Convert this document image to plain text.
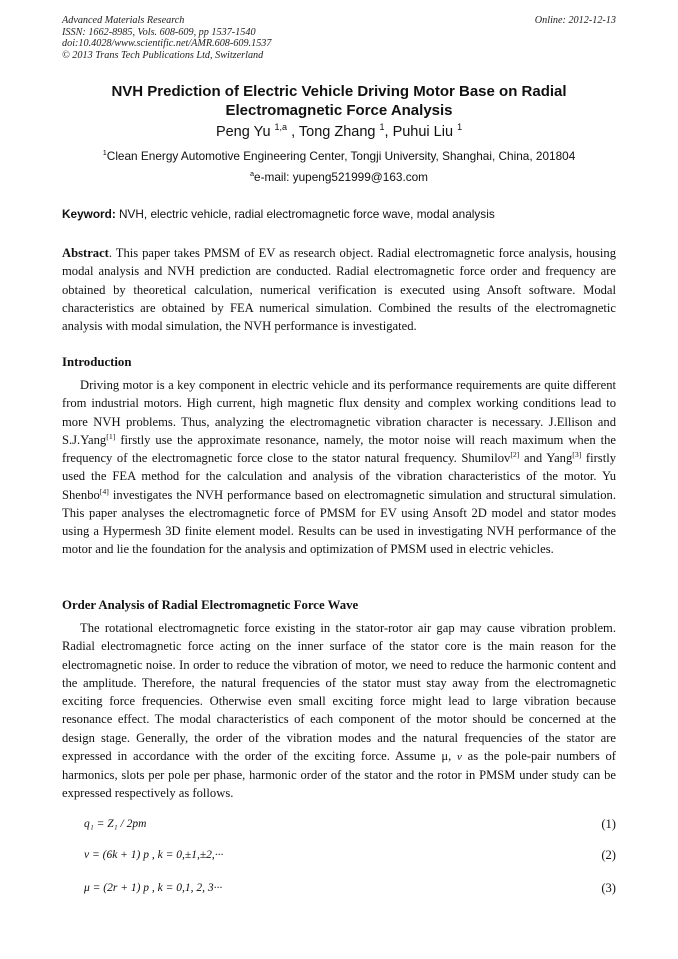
Advanced Materials Research
ISSN: 1662-8985, Vols. 608-609, pp 1537-1540
doi:10.4028/www.scientific.net/AMR.608-609.1537
© 2013 Trans Tech Publications Ltd, Switzerland
Online: 2012-12-13
NVH Prediction of Electric Vehicle Driving Motor Base on Radial
Electromagnetic Force Analysis
Peng Yu $^{1,a}$ , Tong Zhang $^1$, Puhui Liu $^1$
$^1$Clean Energy Automotive Engineering Center, Tongji University, Shanghai, China, 201804
$^a$e-mail: yupeng521999@163.com
Keyword: NVH, electric vehicle, radial electromagnetic force wave, modal analysis
Abstract. This paper takes PMSM of EV as research object. Radial electromagnetic force analysis, housing modal analysis and NVH prediction are conducted. Radial electromagnetic force order and frequency are obtained by theoretical calculation, numerical verification is executed using Ansoft software. Modal characteristics are obtained by FEA numerical simulation. Combined the results of the electromagnetic analysis with modal simulation, the NVH performance is investigated.
Introduction
Driving motor is a key component in electric vehicle and its performance requirements are quite different from industrial motors. High current, high magnetic flux density and complex working conditions lead to more NVH problems. Thus, analyzing the electromagnetic vibration character is necessary. J.Ellison and S.J.Yang[1] firstly use the approximate resonance, namely, the motor noise will reach maximum when the frequency of the electromagnetic force close to the stator natural frequency. Shumilov[2] and Yang[3] firstly used the FEA method for the calculation and analysis of the vibration characteristics of the motor. Yu Shenbo[4] investigates the NVH performance based on electromagnetic simulation and structural simulation. This paper analyses the electromagnetic force of PMSM for EV using Ansoft 2D model and stator modes using a Hypermesh 3D finite element model. Results can be used in investigating NVH performance of the motor and lie the foundation for the analysis and optimization of PMSM used in electric vehicles.
Order Analysis of Radial Electromagnetic Force Wave
The rotational electromagnetic force existing in the stator-rotor air gap may cause vibration problem. Radial electromagnetic force acting on the inner surface of the stator core is the main reason for the electromagnetic noise. In order to reduce the vibration of motor, we need to reduce the harmonic content and the amplitude. Therefore, the natural frequencies of the stator must stay away from the electromagnetic exciting force frequencies. Otherwise even small exciting force might lead to large vibration because resonance effect. The modal characteristics of each component of the motor should be concerned at the design stage. Generally, the order of the vibration modes and the natural frequencies of the stator are expressed in accordance with the order of the exciting force. Assume μ, ν as the pole-pair numbers of harmonics, slots per pole per phase, harmonic order of the stator and the rotor in PMSM under study can be expressed respectively as follows.
q₁ = Z₁ / 2pm	(1)
ν = (6k + 1) p , k = 0,±1,±2,···	(2)
μ = (2r + 1) p , k = 0,1, 2, 3···	(3)
